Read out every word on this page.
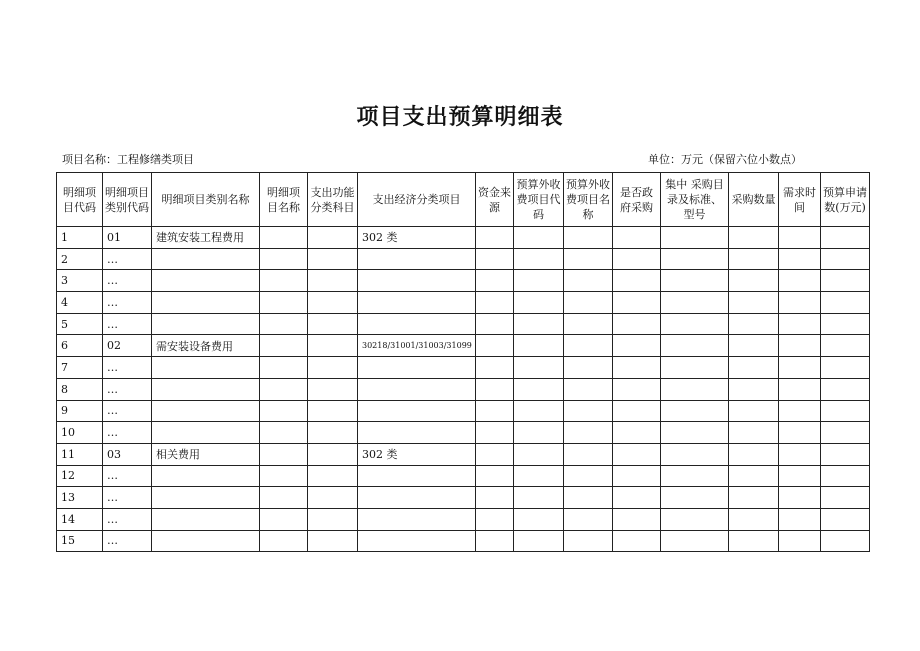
项目支出预算明细表
项目名称：工程修缮类项目	单位：万元（保留六位小数点）
明细项目代码	明细项目类别代码	明细项目类别名称	明细项目名称	支出功能分类科目	支出经济分类项目	资金来源	预算外收费项目代码	预算外收费项目名称	是否政府采购	集中 采购目录及标准、型号	采购数量	需求时间	预算申请数(万元)
1	01	建筑安装工程费用			302 类								
2	…												
3	…												
4	…												
5	…												
6	02	需安装设备费用			30218/31001/31003/31099								
7	…												
8	…												
9	…												
10	…												
11	03	相关费用			302 类								
12	…												
13	…												
14	…												
15	…												
